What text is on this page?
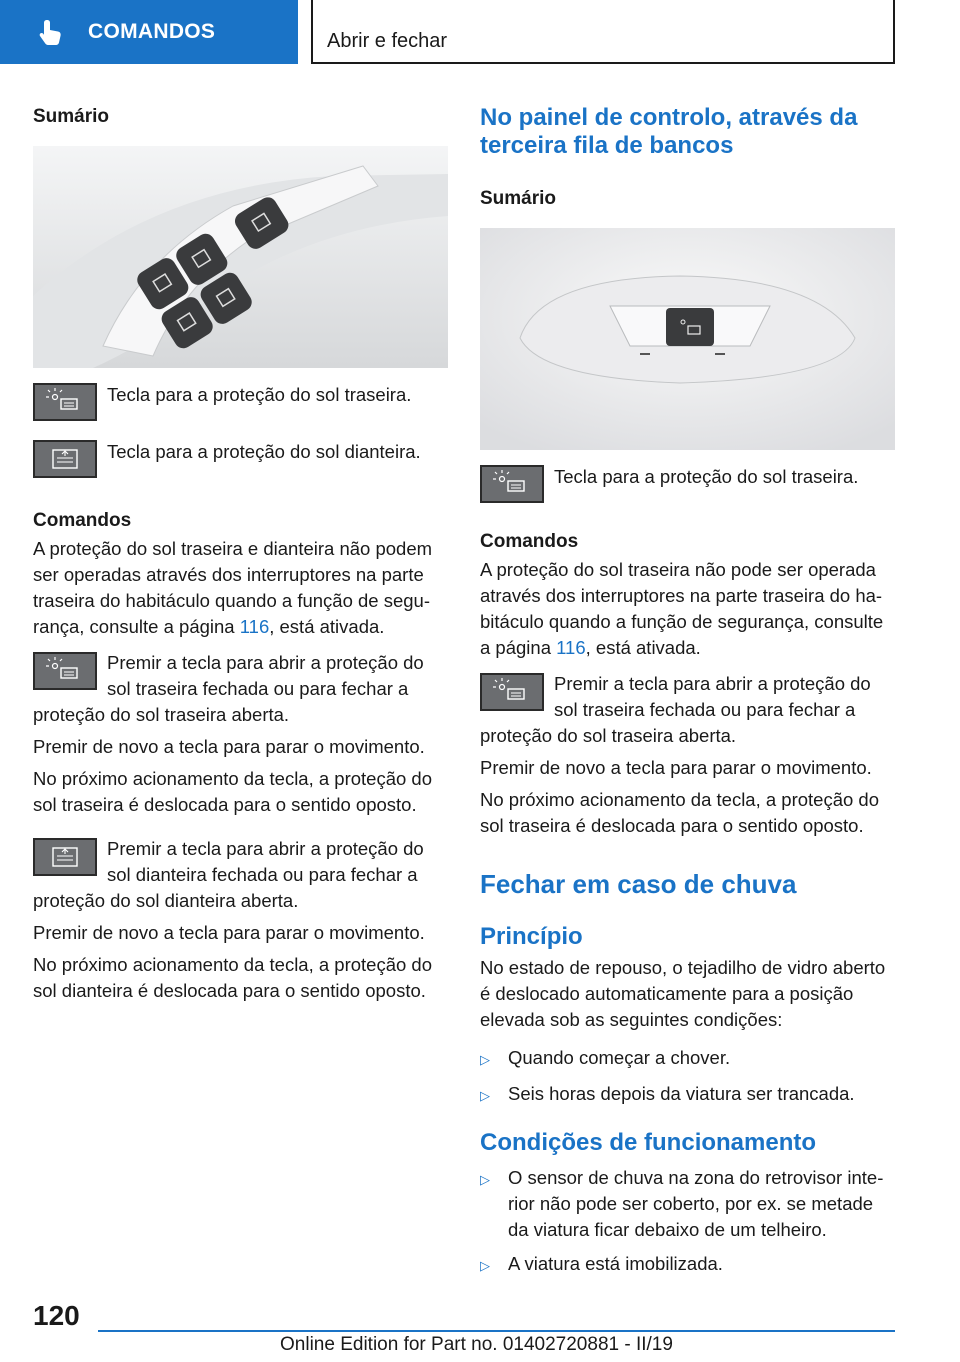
COMANDOS	Abrir e fechar
Sumário
Tecla para a proteção do sol traseira.
Tecla para a proteção do sol dianteira.
Comandos

A proteção do sol traseira e dianteira não podem ser operadas através dos interruptores na parte traseira do habitáculo quando a função de segurança, consulte a página 116, está ativada.

Premir a tecla para abrir a proteção do sol traseira fechada ou para fechar a proteção do sol traseira aberta.

Premir de novo a tecla para parar o movimento.

No próximo acionamento da tecla, a proteção do sol traseira é deslocada para o sentido oposto.

Premir a tecla para abrir a proteção do sol dianteira fechada ou para fechar a proteção do sol dianteira aberta.

Premir de novo a tecla para parar o movimento.

No próximo acionamento da tecla, a proteção do sol dianteira é deslocada para o sentido oposto.

No painel de controlo, através da terceira fila de bancos
Sumário
Tecla para a proteção do sol traseira.
Comandos

A proteção do sol traseira não pode ser operada através dos interruptores na parte traseira do habitáculo quando a função de segurança, consulte a página 116, está ativada.

Premir a tecla para abrir a proteção do sol traseira fechada ou para fechar a proteção do sol traseira aberta.

Premir de novo a tecla para parar o movimento.

No próximo acionamento da tecla, a proteção do sol traseira é deslocada para o sentido oposto.

Fechar em caso de chuva
Princípio

No estado de repouso, o tejadilho de vidro aberto é deslocado automaticamente para a posição elevada sob as seguintes condições:

▷ Quando começar a chover.
▷ Seis horas depois da viatura ser trancada.
Condições de funcionamento
▷ O sensor de chuva na zona do retrovisor interior não pode ser coberto, por ex. se metade da viatura ficar debaixo de um telheiro.
▷ A viatura está imobilizada.
120
Online Edition for Part no. 01402720881 - II/19
